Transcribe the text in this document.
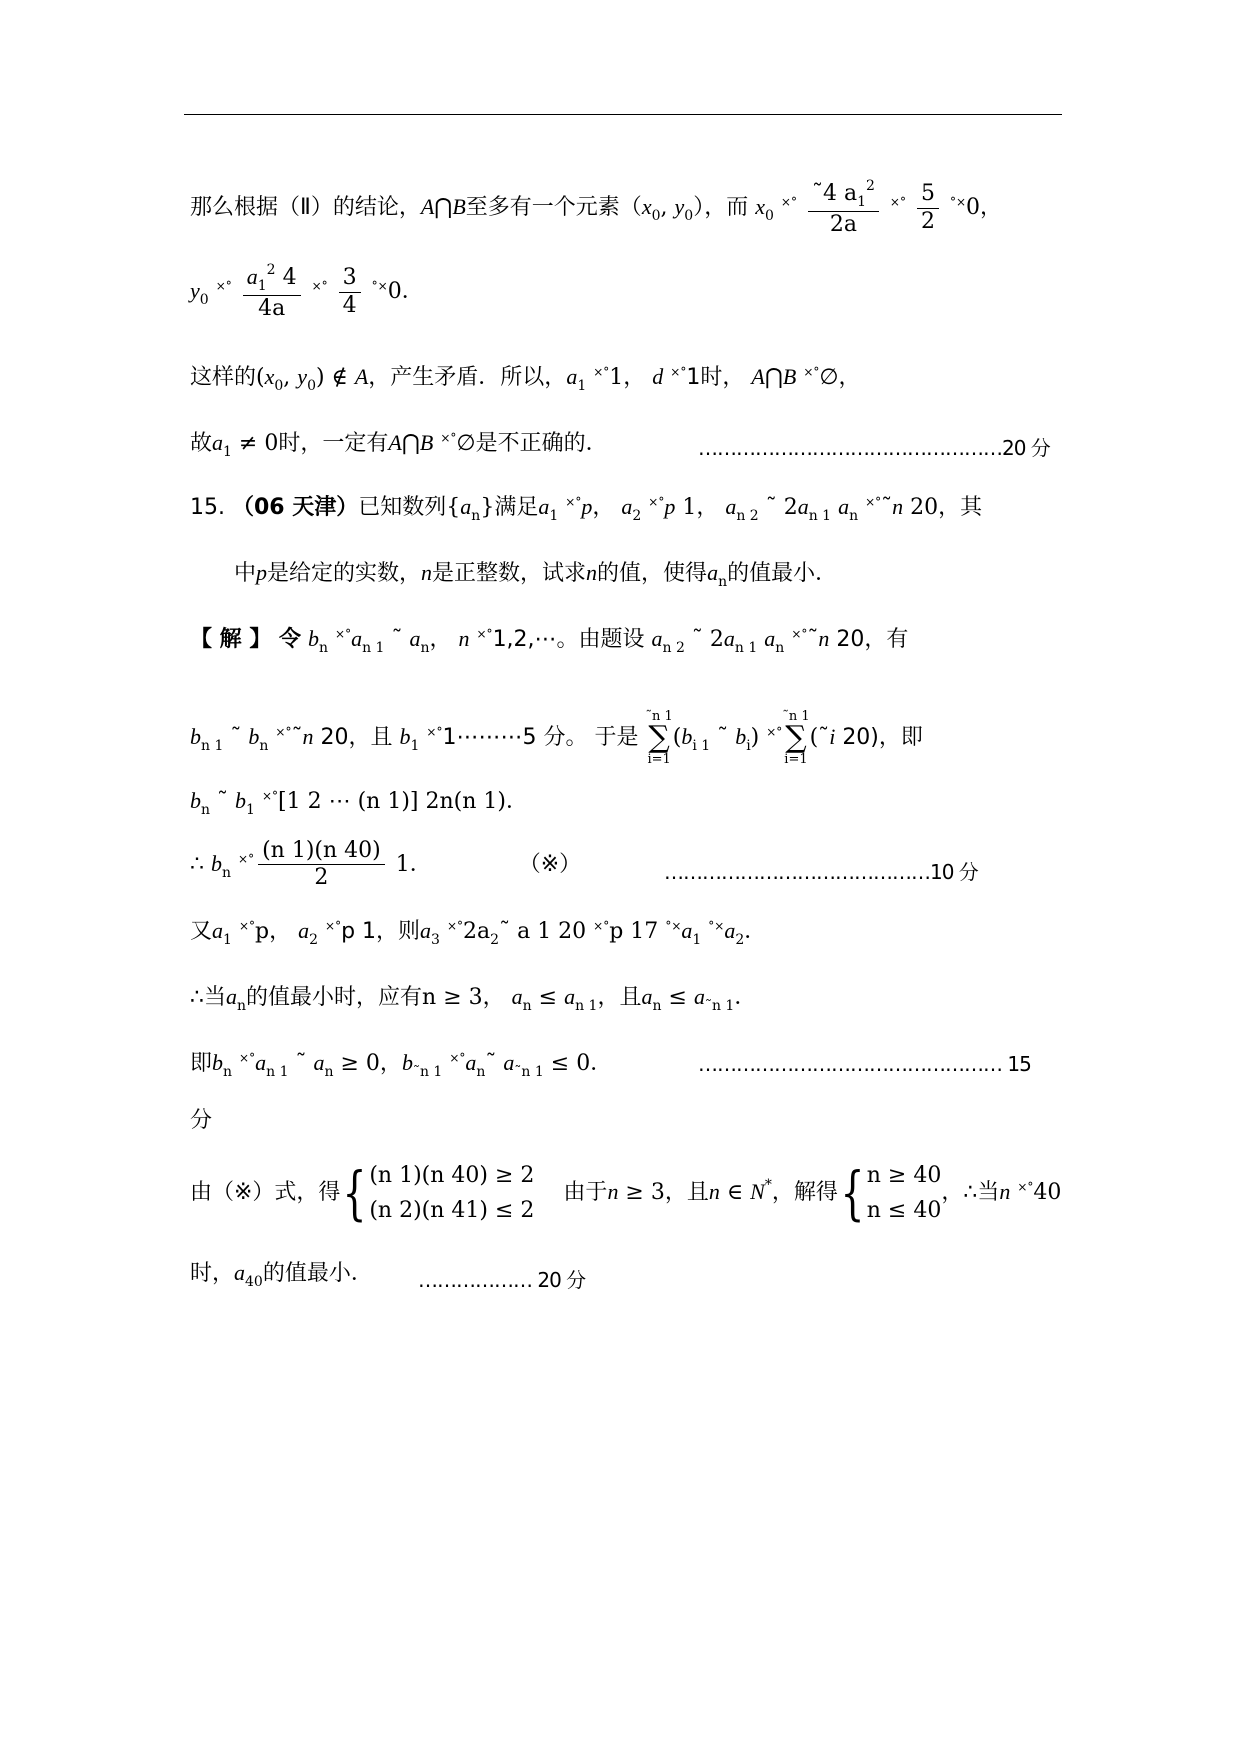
那么根据（Ⅱ）的结论，A⋂B至多有一个元素（$x_0$, $y_0$），而 $x_0$ $^{\times^\circ} \frac{˜4 a_1^2}{2a} ^{\times^\circ} \frac{5}{2} ^{^\circ\times}0$，
$y_0$ $^{\times^\circ} \frac{a_1^2 4}{4a} ^{\times^\circ} \frac{3}{4} ^{^\circ\times}0$．
这样的($x_0$, $y_0$) ∉ A，产生矛盾．所以，$a_1$ ×°1， d ×°1时， A⋂B ×°∅，
故$a_1 \ne 0$时，一定有A⋂B ×°∅是不正确的．	…………………………………………20 分
15. （06 天津）已知数列$\{a_n\}$满足$a_1$ ×°p， $a_2$ ×°p 1， $a_{n 2}$ ˜ $2a_{n 1}$ $a_n$ ×°˜n 20，其
中p是给定的实数，n是正整数，试求n的值，使得$a_n$的值最小．
【 解 】 令 $b_n$ $^{\times^\circ}a_{n 1}$ ˜ $a_n$， n ×°1,2,⋯。由题设 $a_{n 2}$ ˜ $2a_{n 1}$ $a_n$ ×°˜n 20，有
$b_{n 1}$ ˜ $b_n$ ×°˜n 20，且 $b_1$ ×°1⋯⋯⋯5 分。 于是
˜n 1
∑
i=1
($b_{i 1}$ ˜ $b_i$) ×°
˜n 1
∑
i=1
(˜i 20)，即
$b_n$ ˜ $b_1$ ×°[1 2 ⋯ (n 1)] 2n(n 1)．
∴ $b_n$ $^{\times^\circ} \frac{(n 1)(n 40)}{2} 1$．	（※）	……………………………………10 分
又$a_1$ ×°p， $a_2$ ×°p 1，则$a_3$ $^{\times^\circ}2a_2˜$ a 1 20 ×°p 17 $^{^\circ\times}a_1$ $^{^\circ\times}a_2$．
∴当$a_n$的值最小时，应有n ≥ 3， $a_n \le a_{n 1}$，且$a_n \le a_{˜n 1}$．
即$b_n$ $^{\times^\circ}a_{n 1}$ ˜ $a_n \ge 0$，$b_{˜n 1}$ $^{\times^\circ}a_n˜$ $a_{˜n 1} \le 0$．	………………………………………… 15
分
由（※）式，得{ (n 1)(n 40) ≥ 2
(n 2)(n 41) ≤ 2
由于n ≥ 3，且n ∈ N*，解得{ n ≥ 40
n ≤ 40
，∴当n ×°40
时，$a_{40}$的值最小． ……………… 20 分
